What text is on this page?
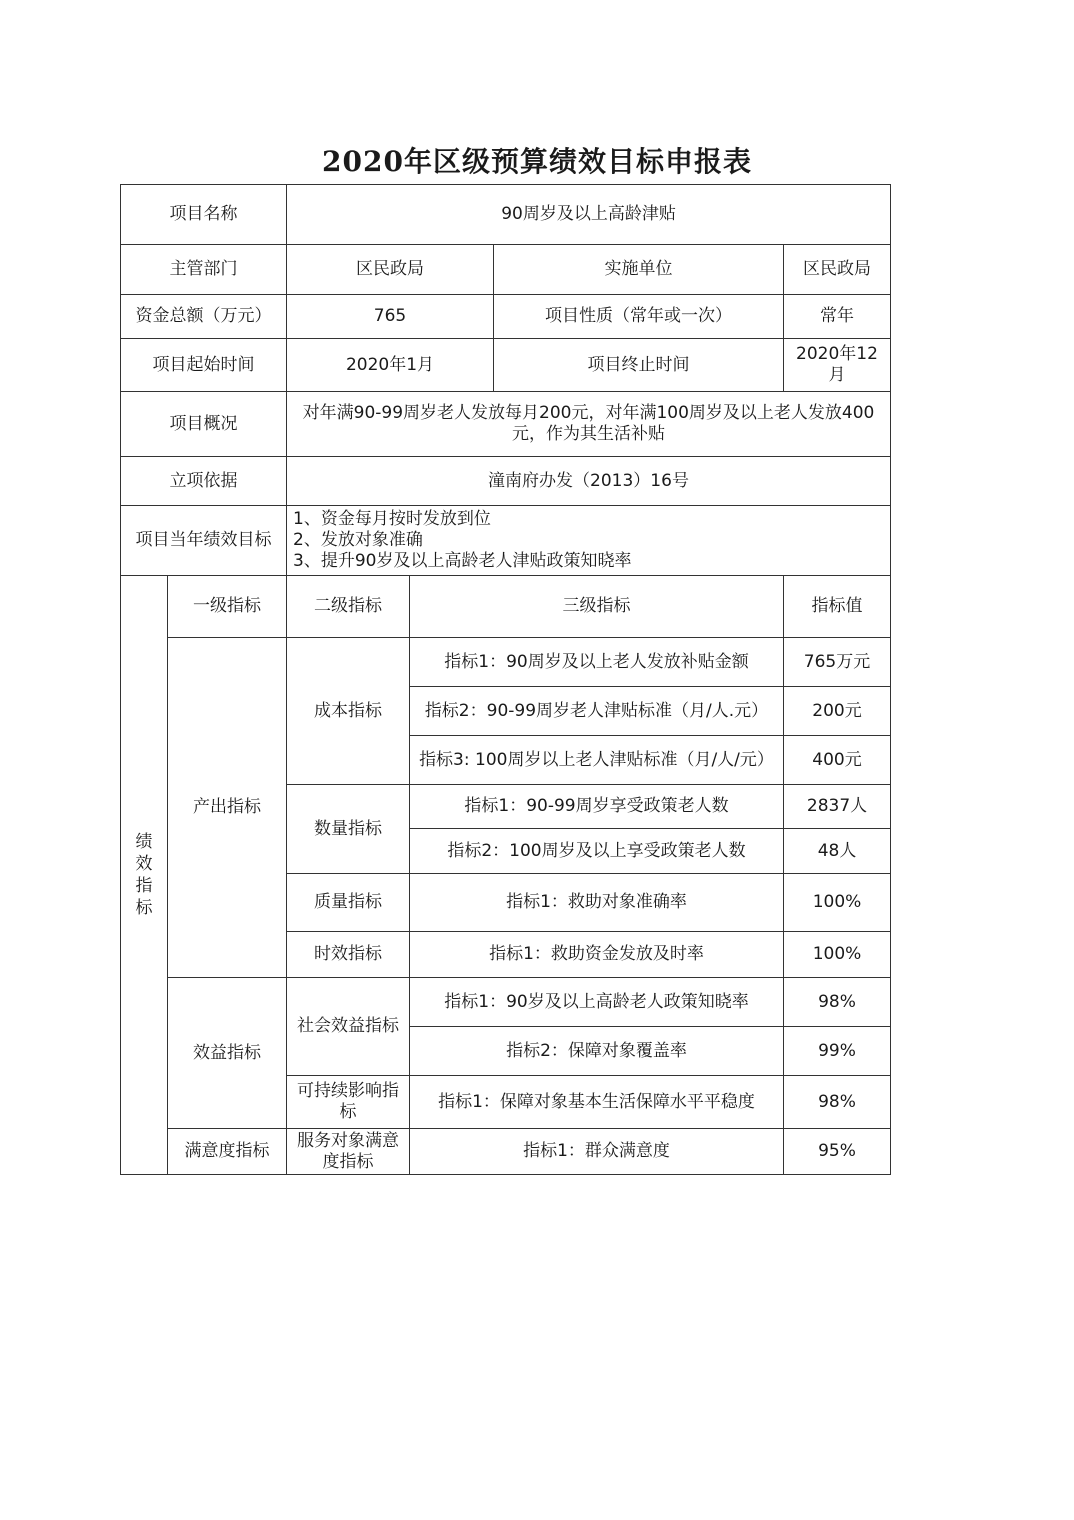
2020年区级预算绩效目标申报表
项目名称		90周岁及以上高龄津贴			
主管部门		区民政局		实施单位	区民政局
资金总额（万元）		765		项目性质（常年或一次）	常年
项目起始时间		2020年1月		项目终止时间	2020年12月
项目概况		对年满90-99周岁老人发放每月200元，对年满100周岁及以上老人发放400元，作为其生活补贴			
立项依据		潼南府办发（2013）16号			
项目当年绩效目标		1、资金每月按时发放到位
2、发放对象准确
3、提升90岁及以上高龄老人津贴政策知晓率			

绩效指标	一级指标	二级指标	三级指标		指标值
	产出指标	成本指标	指标1：90周岁及以上老人发放补贴金额		765万元
			指标2：90-99周岁老人津贴标准（月/人.元）		200元
			指标3: 100周岁以上老人津贴标准（月/人/元）		400元
		数量指标	指标1：90-99周岁享受政策老人数		2837人
			指标2：100周岁及以上享受政策老人数		48人
		质量指标	指标1：救助对象准确率		100%
		时效指标	指标1：救助资金发放及时率		100%
	效益指标	社会效益指标	指标1：90岁及以上高龄老人政策知晓率		98%
			指标2：保障对象覆盖率		99%
		可持续影响指标	指标1：保障对象基本生活保障水平平稳度		98%
	满意度指标	服务对象满意度指标	指标1：群众满意度		95%
